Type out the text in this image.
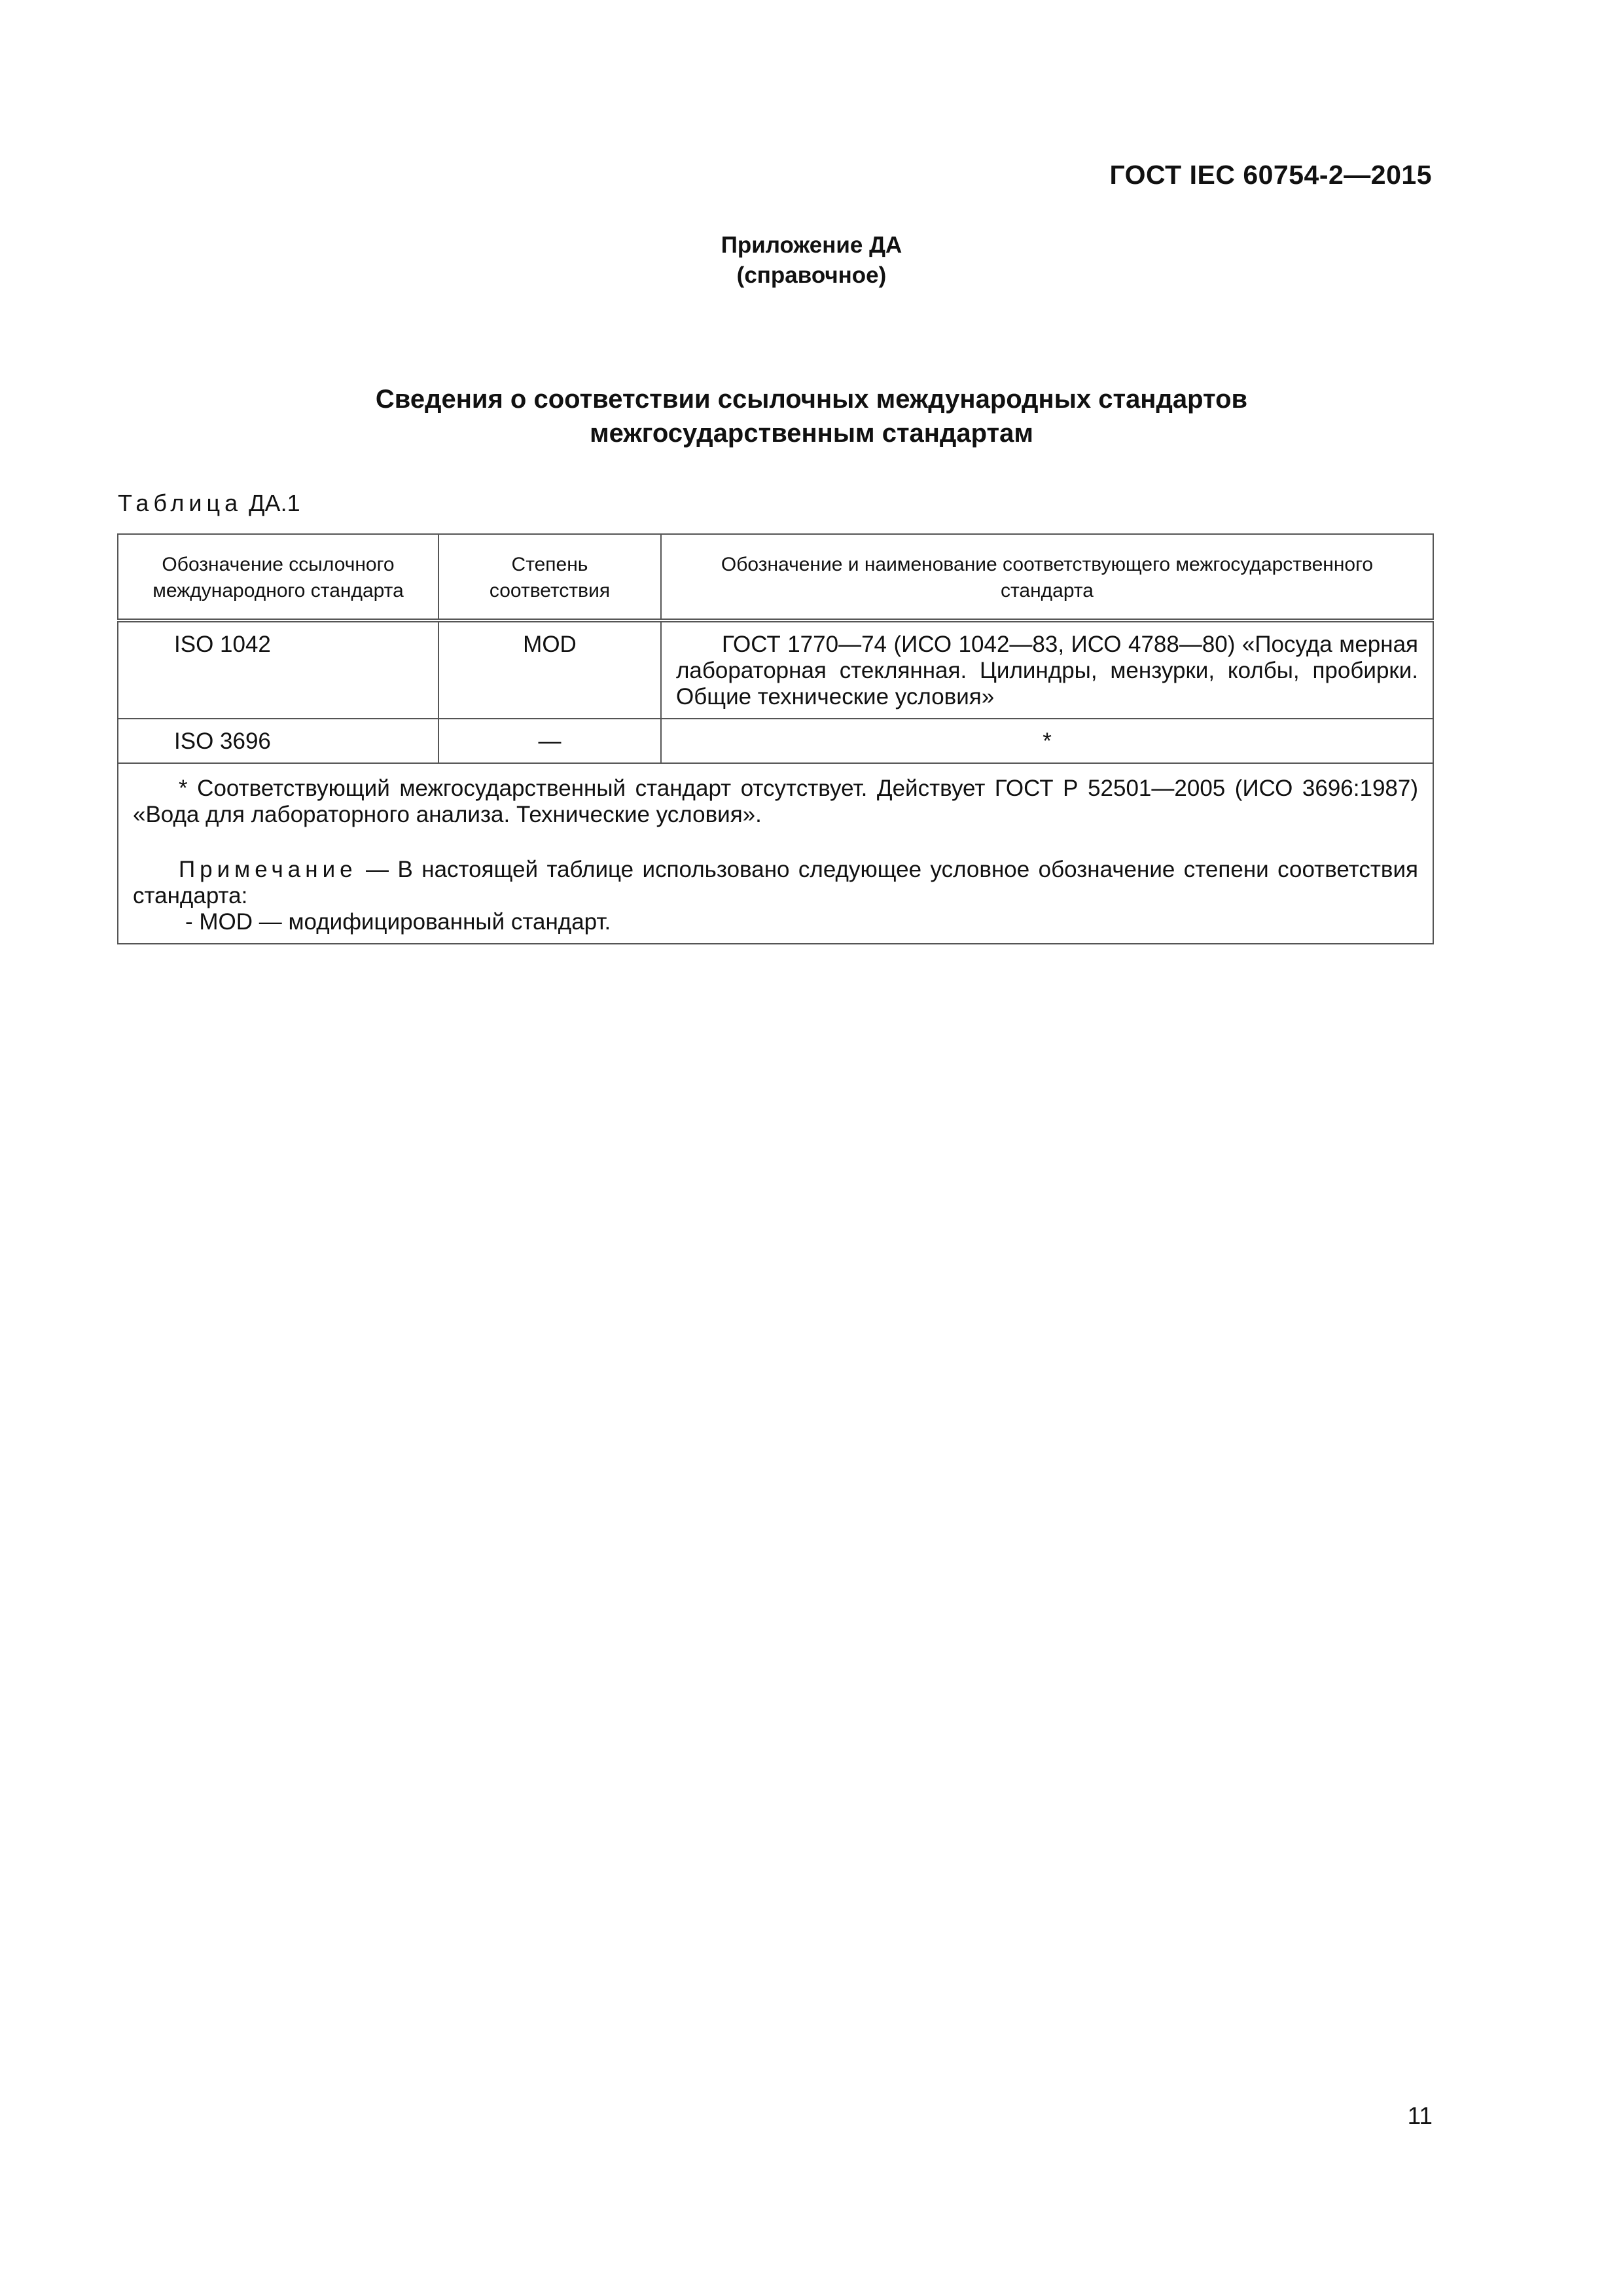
ГОСТ IEC 60754-2—2015
Приложение ДА
(справочное)
Сведения о соответствии ссылочных международных стандартов
межгосударственным стандартам
Таблица ДА.1
Обозначение ссылочного международного стандарта	Степень соответствия	Обозначение и наименование соответствующего межгосударственного стандарта
ISO 1042	MOD	ГОСТ 1770—74 (ИСО 1042—83, ИСО 4788—80) «Посуда мерная лабораторная стеклянная. Цилиндры, мензурки, колбы, пробирки. Общие технические условия»
ISO 3696	—	*

* Соответствующий межгосударственный стандарт отсутствует. Действует ГОСТ Р 52501—2005 (ИСО 3696:1987) «Вода для лабораторного анализа. Технические условия».

Примечание — В настоящей таблице использовано следующее условное обозначение степени соответствия стандарта:

- MOD — модифицированный стандарт.		

11
